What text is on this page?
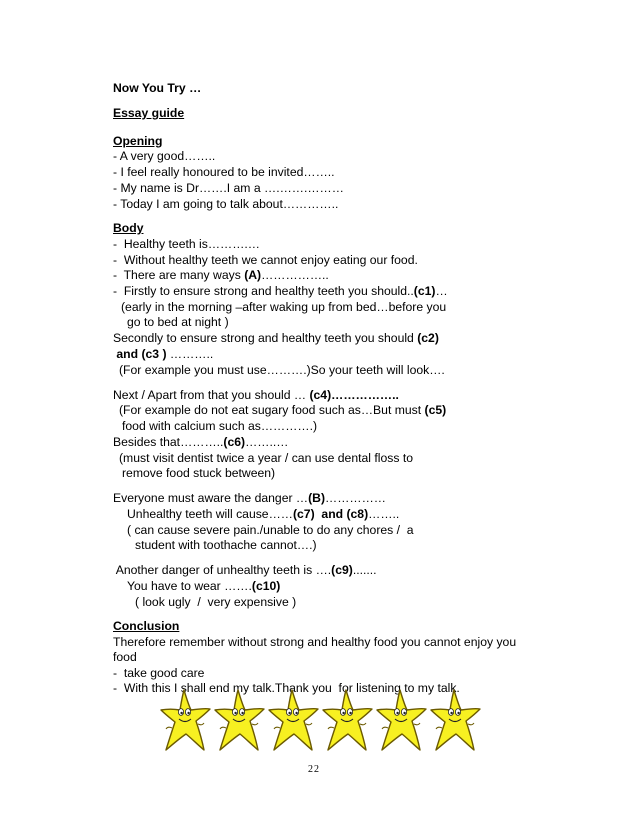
Now You Try …
Essay guide
Opening
- A very good……..
- I feel really honoured to be invited……..
- My name is Dr…….I am a ….…….………
- Today I am going to talk about…………..
Body
-  Healthy teeth is……….…
-  Without healthy teeth we cannot enjoy eating our food.
-  There are many ways (A)……………..
-  Firstly to ensure strong and healthy teeth you should..(c1)…
(early in the morning –after waking up from bed…before you
go to bed at night )
Secondly to ensure strong and healthy teeth you should (c2)
and (c3 ) ………..
(For example you must use……….)So your teeth will look….
Next / Apart from that you should … (c4)……………..
(For example do not eat sugary food such as…But must (c5)
food with calcium such as………….)
Besides that………..(c6)……..…
(must visit dentist twice a year / can use dental floss to
remove food stuck between)
Everyone must aware the danger …(B)……………
Unhealthy teeth will cause……(c7)  and (c8)……..
( can cause severe pain./unable to do any chores /  a
student with toothache cannot….)
Another danger of unhealthy teeth is ….(c9).......
You have to wear …….(c10)
( look ugly  /  very expensive )
Conclusion
Therefore remember without strong and healthy food you cannot enjoy you
food
-  take good care
-  With this I shall end my talk.Thank you  for listening to my talk.
22
